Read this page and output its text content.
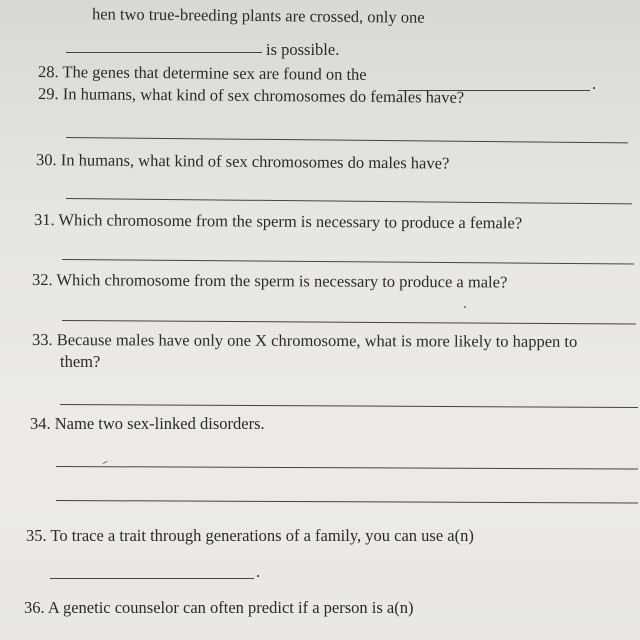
hen two true-breeding plants are crossed, only one
is possible.
28. The genes that determine sex are found on the	.
29. In humans, what kind of sex chromosomes do females have?
30. In humans, what kind of sex chromosomes do males have?
31. Which chromosome from the sperm is necessary to produce a female?
32. Which chromosome from the sperm is necessary to produce a male?
33. Because males have only one X chromosome, what is more likely to happen to
them?
34. Name two sex-linked disorders.
35. To trace a trait through generations of a family, you can use a(n)
.
36. A genetic counselor can often predict if a person is a(n)
